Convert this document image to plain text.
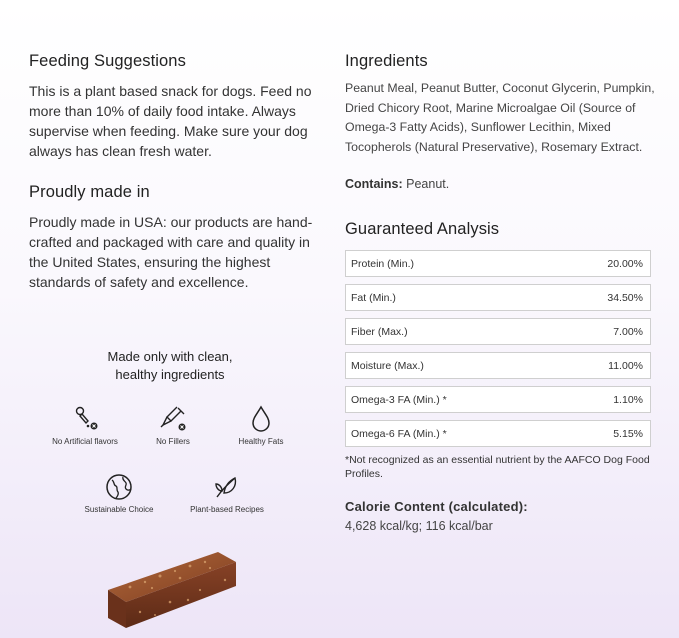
Feeding Suggestions
This is a plant based snack for dogs. Feed no more than 10% of daily food intake. Always supervise when feeding. Make sure your dog always has clean fresh water.
Proudly made in
Proudly made in USA: our products are hand-crafted and packaged with care and quality in the United States, ensuring the highest standards of safety and excellence.
Made only with clean,
healthy ingredients
No Artificial flavors	No Fillers	Healthy Fats
Sustainable Choice	Plant-based Recipes
Ingredients
Peanut Meal, Peanut Butter, Coconut Glycerin, Pumpkin, Dried Chicory Root, Marine Microalgae Oil (Source of Omega-3 Fatty Acids), Sunflower Lecithin, Mixed Tocopherols (Natural Preservative), Rosemary Extract.
Contains: Peanut.
Guaranteed Analysis
Protein (Min.)	20.00%
Fat (Min.)	34.50%
Fiber (Max.)	7.00%
Moisture (Max.)	11.00%
Omega-3 FA (Min.) *	1.10%
Omega-6 FA (Min.) *	5.15%
*Not recognized as an essential nutrient by the AAFCO Dog Food Profiles.
Calorie Content (calculated):
4,628 kcal/kg; 116 kcal/bar
